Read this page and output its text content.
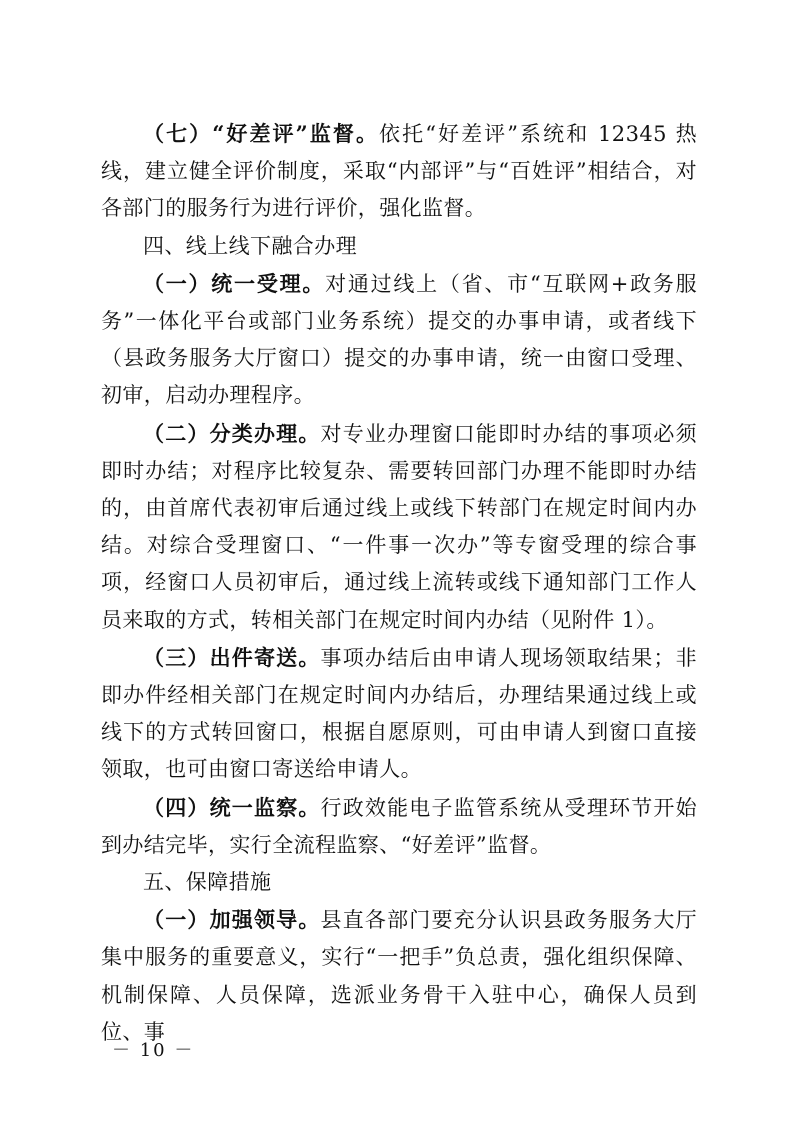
（七）“好差评”监督。依托“好差评”系统和 12345 热线，建立健全评价制度，采取“内部评”与“百姓评”相结合，对各部门的服务行为进行评价，强化监督。

四、线上线下融合办理

（一）统一受理。对通过线上（省、市“互联网+政务服务”一体化平台或部门业务系统）提交的办事申请，或者线下（县政务服务大厅窗口）提交的办事申请，统一由窗口受理、初审，启动办理程序。

（二）分类办理。对专业办理窗口能即时办结的事项必须即时办结；对程序比较复杂、需要转回部门办理不能即时办结的，由首席代表初审后通过线上或线下转部门在规定时间内办结。对综合受理窗口、“一件事一次办”等专窗受理的综合事项，经窗口人员初审后，通过线上流转或线下通知部门工作人员来取的方式，转相关部门在规定时间内办结（见附件 1）。

（三）出件寄送。事项办结后由申请人现场领取结果；非即办件经相关部门在规定时间内办结后，办理结果通过线上或线下的方式转回窗口，根据自愿原则，可由申请人到窗口直接领取，也可由窗口寄送给申请人。

（四）统一监察。行政效能电子监管系统从受理环节开始到办结完毕，实行全流程监察、“好差评”监督。

五、保障措施

（一）加强领导。县直各部门要充分认识县政务服务大厅集中服务的重要意义，实行“一把手”负总责，强化组织保障、机制保障、人员保障，选派业务骨干入驻中心，确保人员到位、事

－ 10 －
